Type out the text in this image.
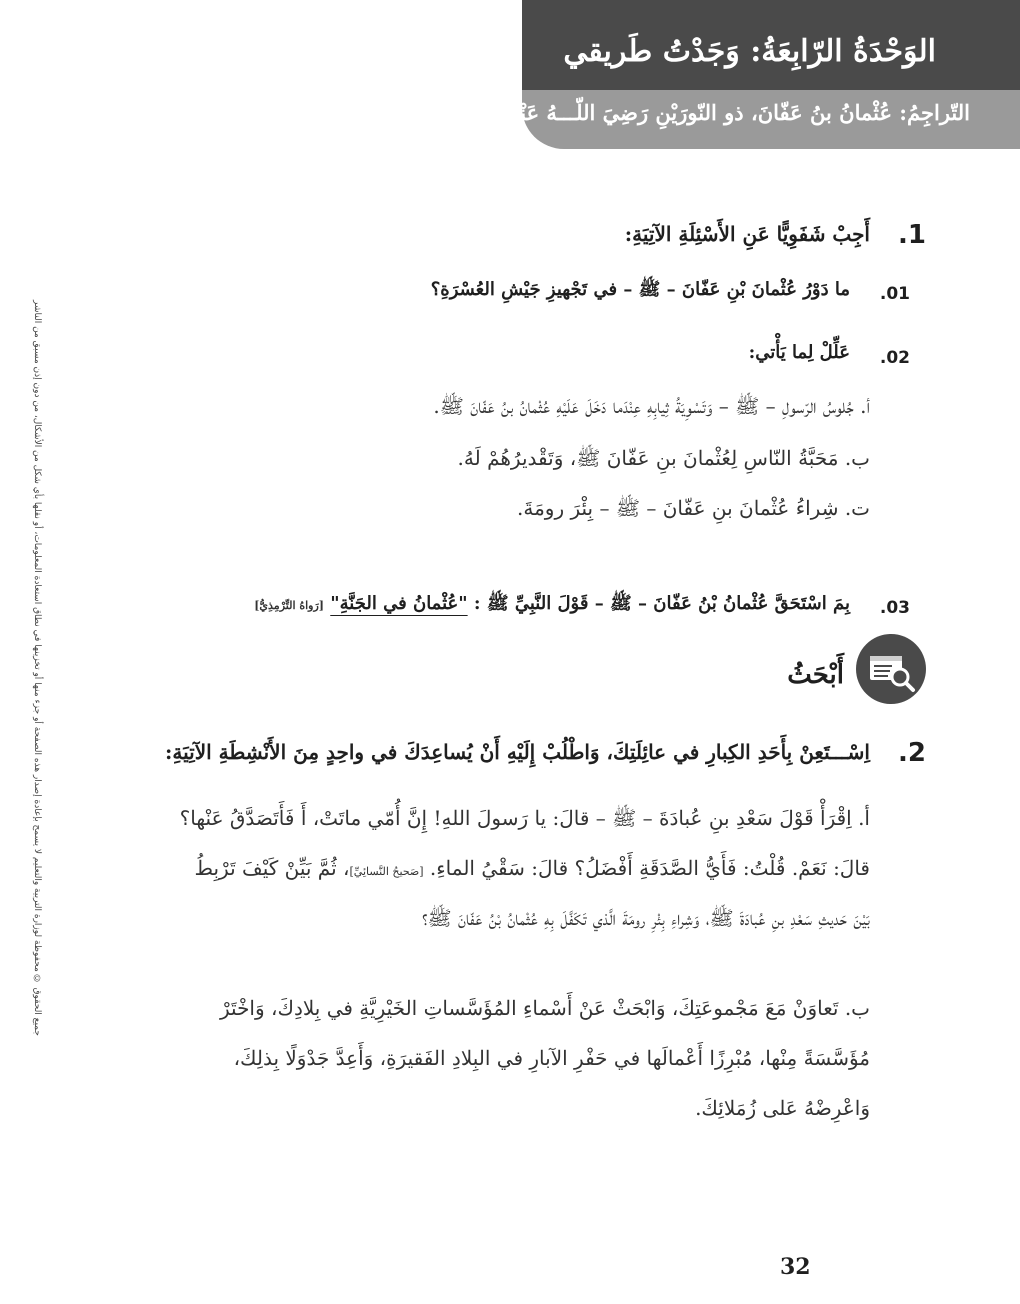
الوَحْدَةُ الرّابِعَةُ: وَجَدْتُ طَريقي
التّراجِمُ: عُثْمانُ بنُ عَفّانَ، ذو النّورَيْنِ رَضِيَ اللّـــهُ عَنْهُ
جميع الحقوق © محفوظة لوزارة التربية والتعليم لا يسمح بإعادة إصدار هذه الصفحة أو جزء منها أو تخزينها في نطاق استعادة المعلومات، أو نقلها بأي شكل من الأشكال، من دون إذن مسبق من الناشر
1.
أَجِبْ شَفَوِيًّا عَنِ الأَسْئِلَةِ الآتِيَةِ:
01.
ما دَوْرُ عُثْمانَ بْنِ عَفّانَ – ﷺ – في تَجْهيزِ جَيْشِ العُسْرَةِ؟
02.
عَلِّلْ لِما يَأْتي:
أ. جُلوسُ الرّسولِ – ﷺ – وَتَسْوِيَةُ ثِيابِهِ عِنْدَما دَخَلَ عَلَيْهِ عُثْمانُ بنُ عَفّانَ ﷺ.
ب. مَحَبَّةُ النّاسِ لِعُثْمانَ بنِ عَفّانَ ﷺ، وَتَقْديرُهُمْ لَهُ.
ت. شِراءُ عُثْمانَ بنِ عَفّانَ – ﷺ – بِئْرَ رومَةَ.
03.
بِمَ اسْتَحَقَّ عُثْمانُ بْنُ عَفّانَ – ﷺ – قَوْلَ النَّبِيِّ ﷺ : "عُثْمانُ في الجَنَّةِ" [رَواهُ التِّرْمِذِيُّ]
أَبْحَثُ
2.
اِسْـــتَعِنْ بِأَحَدِ الكِبارِ في عائِلَتِكَ، وَاطْلُبْ إِلَيْهِ أَنْ يُساعِدَكَ في واحِدٍ مِنَ الأَنْشِطَةِ الآتِيَةِ:
أ. اِقْرَأْ قَوْلَ سَعْدِ بنِ عُبادَةَ – ﷺ – قالَ: يا رَسولَ اللهِ! إِنَّ أُمّي ماتَتْ، أَ فَأَتَصَدَّقُ عَنْها؟
قالَ: نَعَمْ. قُلْتُ: فَأَيُّ الصَّدَقَةِ أَفْضَلُ؟ قالَ: سَقْيُ الماءِ. [صَحيحُ النَّسائِيِّ]، ثُمَّ بَيِّنْ كَيْفَ تَرْبِطُ
بَيْنَ حَديثِ سَعْدِ بنِ عُبادَةَ ﷺ، وَشِراءِ بِئْرِ رومَةَ الَّذي تَكَفَّلَ بِهِ عُثْمانُ بْنُ عَفّانَ ﷺ؟
ب. تَعاوَنْ مَعَ مَجْموعَتِكَ، وَابْحَثْ عَنْ أَسْماءِ المُؤَسَّساتِ الخَيْرِيَّةِ في بِلادِكَ، وَاخْتَرْ
مُؤَسَّسَةً مِنْها، مُبْرِزًا أَعْمالَها في حَفْرِ الآبارِ في البِلادِ الفَقيرَةِ، وَأَعِدَّ جَدْوَلًا بِذلِكَ،
وَاعْرِضْهُ عَلى زُمَلائِكَ.
32
